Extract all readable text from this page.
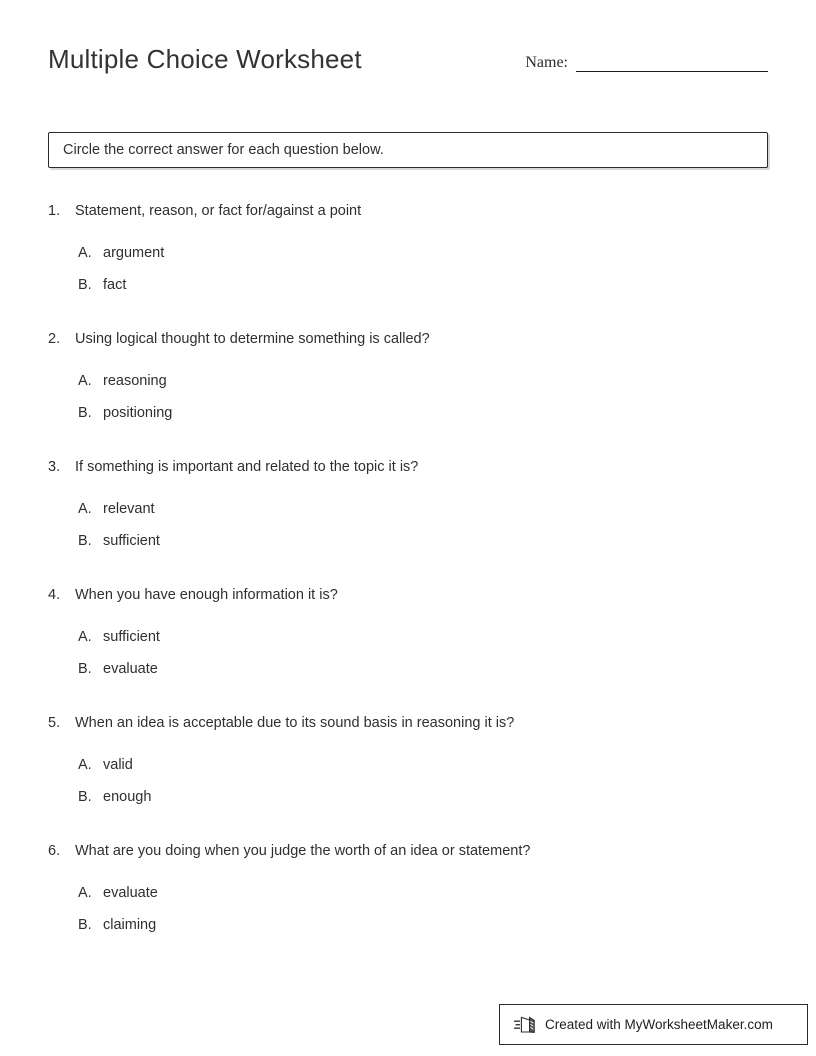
Multiple Choice Worksheet	Name:
Circle the correct answer for each question below.
1.	Statement, reason, or fact for/against a point
A. argument
B. fact
2.	Using logical thought to determine something is called?
A. reasoning
B. positioning
3.	If something is important and related to the topic it is?
A. relevant
B. sufficient
4.	When you have enough information it is?
A. sufficient
B. evaluate
5.	When an idea is acceptable due to its sound basis in reasoning it is?
A. valid
B. enough
6.	What are you doing when you judge the worth of an idea or statement?
A. evaluate
B. claiming
Created with MyWorksheetMaker.com
